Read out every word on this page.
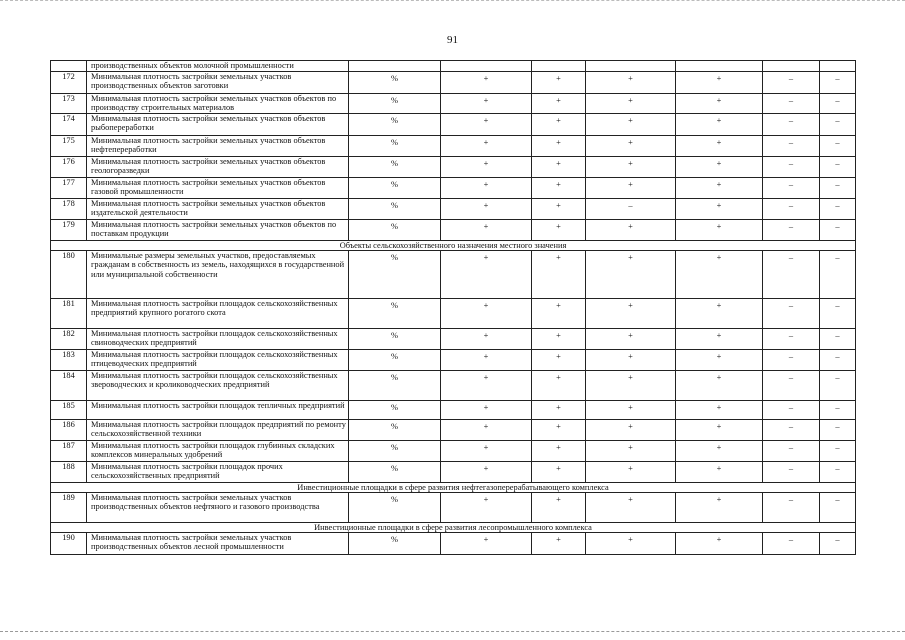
91
	производственных объектов молочной промышленности							
172	Минимальная плотность застройки земельных участков производственных объектов заготовки	%	+	+	+	+	–	–
173	Минимальная плотность застройки земельных участков объектов по производству строительных материалов	%	+	+	+	+	–	–
174	Минимальная плотность застройки земельных участков объектов рыбопереработки	%	+	+	+	+	–	–
175	Минимальная плотность застройки земельных участков объектов нефтепереработки	%	+	+	+	+	–	–
176	Минимальная плотность застройки земельных участков объектов геологоразведки	%	+	+	+	+	–	–
177	Минимальная плотность застройки земельных участков объектов газовой промышленности	%	+	+	+	+	–	–
178	Минимальная плотность застройки земельных участков объектов издательской деятельности	%	+	+	–	+	–	–
179	Минимальная плотность застройки земельных участков объектов по поставкам продукции	%	+	+	+	+	–	–
Объекты сельскохозяйственного назначения местного значения								
180	Минимальные размеры земельных участков, предоставляемых гражданам в собственность из земель, находящихся в государственной или муниципальной собственности	%	+	+	+	+	–	–
181	Минимальная плотность застройки площадок сельскохозяйственных предприятий крупного рогатого скота	%	+	+	+	+	–	–
182	Минимальная плотность застройки площадок сельскохозяйственных свиноводческих предприятий	%	+	+	+	+	–	–
183	Минимальная плотность застройки площадок сельскохозяйственных птицеводческих предприятий	%	+	+	+	+	–	–
184	Минимальная плотность застройки площадок сельскохозяйственных звероводческих и кролиководческих предприятий	%	+	+	+	+	–	–
185	Минимальная плотность застройки площадок тепличных предприятий	%	+	+	+	+	–	–
186	Минимальная плотность застройки площадок предприятий по ремонту сельскохозяйственной техники	%	+	+	+	+	–	–
187	Минимальная плотность застройки площадок глубинных складских комплексов минеральных удобрений	%	+	+	+	+	–	–
188	Минимальная плотность застройки площадок прочих сельскохозяйственных предприятий	%	+	+	+	+	–	–
Инвестиционные площадки в сфере развития нефтегазоперерабатывающего комплекса								
189	Минимальная плотность застройки земельных участков производственных объектов нефтяного и газового производства	%	+	+	+	+	–	–
Инвестиционные площадки в сфере развития лесопромышленного комплекса								
190	Минимальная плотность застройки земельных участков производственных объектов лесной промышленности	%	+	+	+	+	–	–
